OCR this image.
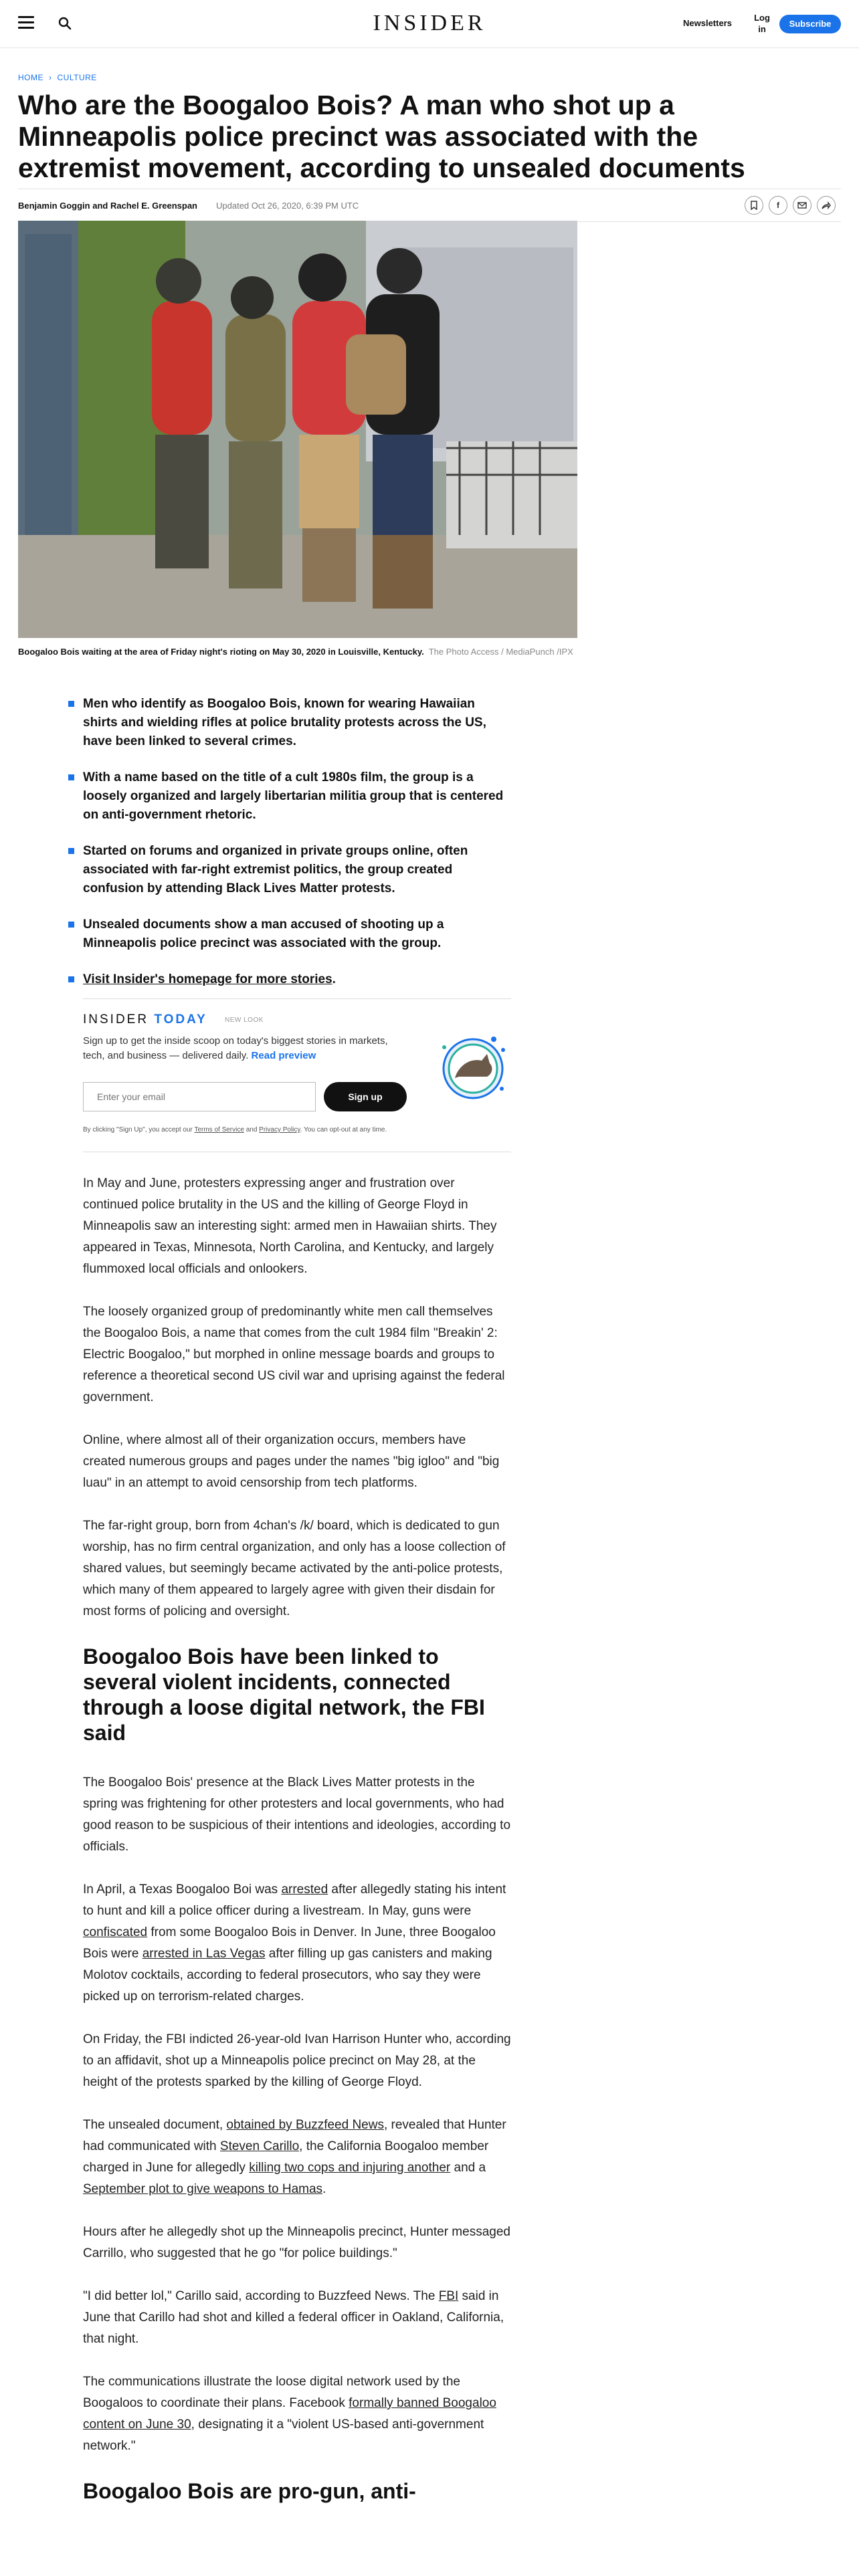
INSIDER	Newsletters
Log in
Subscribe
HOME › CULTURE
Who are the Boogaloo Bois? A man who shot up a Minneapolis police precinct was associated with the extremist movement, according to unsealed documents
Benjamin Goggin and Rachel E. Greenspan Updated Oct 26, 2020, 6:39 PM UTC	f
Boogaloo Bois waiting at the area of Friday night's rioting on May 30, 2020 in Louisville, Kentucky. The Photo Access / MediaPunch /IPX
Men who identify as Boogaloo Bois, known for wearing Hawaiian shirts and wielding rifles at police brutality protests across the US, have been linked to several crimes.
With a name based on the title of a cult 1980s film, the group is a loosely organized and largely libertarian militia group that is centered on anti-government rhetoric.
Started on forums and organized in private groups online, often associated with far-right extremist politics, the group created confusion by attending Black Lives Matter protests.
Unsealed documents show a man accused of shooting up a Minneapolis police precinct was associated with the group.
Visit Insider's homepage for more stories.
INSIDER TODAY	NEW LOOK
Sign up to get the inside scoop on today's biggest stories in markets, tech, and business — delivered daily. Read preview
Enter your email
Sign up
By clicking "Sign Up", you accept our Terms of Service and Privacy Policy. You can opt-out at any time.

In May and June, protesters expressing anger and frustration over continued police brutality in the US and the killing of George Floyd in Minneapolis saw an interesting sight: armed men in Hawaiian shirts. They appeared in Texas, Minnesota, North Carolina, and Kentucky, and largely flummoxed local officials and onlookers.

The loosely organized group of predominantly white men call themselves the Boogaloo Bois, a name that comes from the cult 1984 film "Breakin' 2: Electric Boogaloo," but morphed in online message boards and groups to reference a theoretical second US civil war and uprising against the federal government.

Online, where almost all of their organization occurs, members have created numerous groups and pages under the names "big igloo" and "big luau" in an attempt to avoid censorship from tech platforms.

The far-right group, born from 4chan's /k/ board, which is dedicated to gun worship, has no firm central organization, and only has a loose collection of shared values, but seemingly became activated by the anti-police protests, which many of them appeared to largely agree with given their disdain for most forms of policing and oversight.

Boogaloo Bois have been linked to several violent incidents, connected through a loose digital network, the FBI said

The Boogaloo Bois' presence at the Black Lives Matter protests in the spring was frightening for other protesters and local governments, who had good reason to be suspicious of their intentions and ideologies, according to officials.

In April, a Texas Boogaloo Boi was arrested after allegedly stating his intent to hunt and kill a police officer during a livestream. In May, guns were confiscated from some Boogaloo Bois in Denver. In June, three Boogaloo Bois were arrested in Las Vegas after filling up gas canisters and making Molotov cocktails, according to federal prosecutors, who say they were picked up on terrorism-related charges.

On Friday, the FBI indicted 26-year-old Ivan Harrison Hunter who, according to an affidavit, shot up a Minneapolis police precinct on May 28, at the height of the protests sparked by the killing of George Floyd.

The unsealed document, obtained by Buzzfeed News, revealed that Hunter had communicated with Steven Carillo, the California Boogaloo member charged in June for allegedly killing two cops and injuring another and a September plot to give weapons to Hamas.

Hours after he allegedly shot up the Minneapolis precinct, Hunter messaged Carrillo, who suggested that he go "for police buildings."

"I did better lol," Carillo said, according to Buzzfeed News. The FBI said in June that Carillo had shot and killed a federal officer in Oakland, California, that night.

The communications illustrate the loose digital network used by the Boogaloos to coordinate their plans. Facebook formally banned Boogaloo content on June 30, designating it a "violent US-based anti-government network."

Boogaloo Bois are pro-gun, anti-
